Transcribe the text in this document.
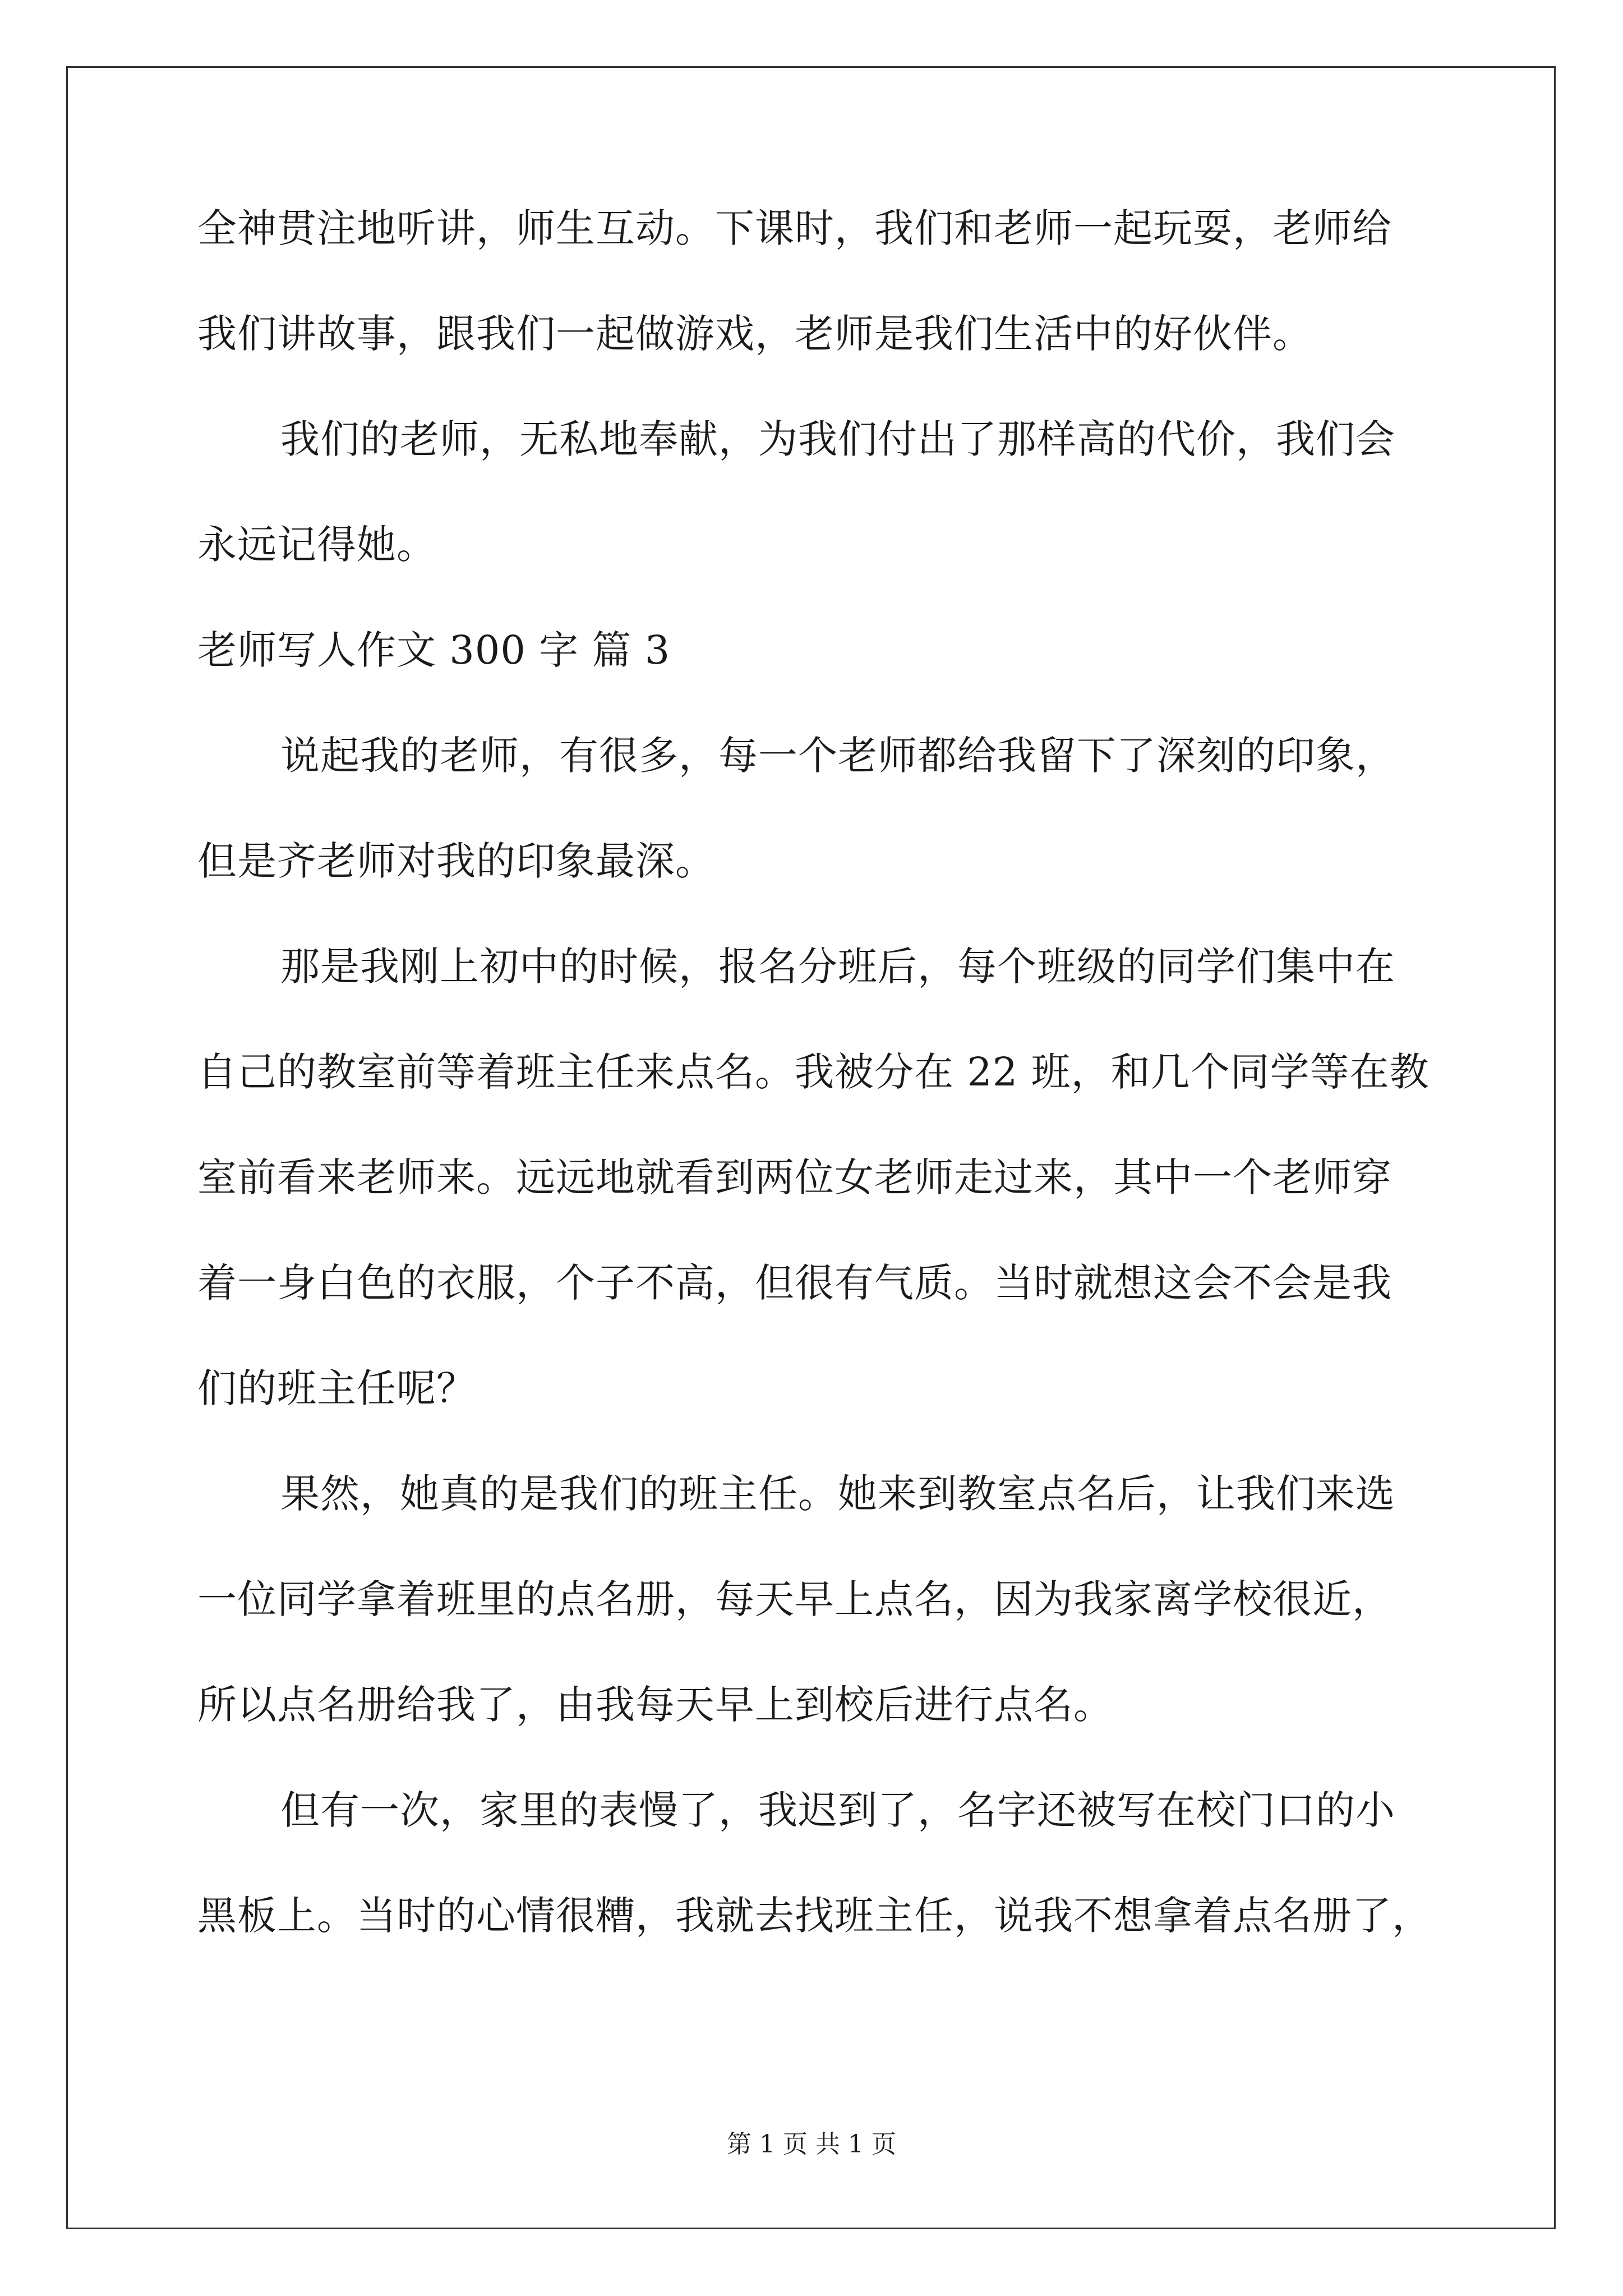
全神贯注地听讲，师生互动。下课时，我们和老师一起玩耍，老师给
我们讲故事，跟我们一起做游戏，老师是我们生活中的好伙伴。
我们的老师，无私地奉献，为我们付出了那样高的代价，我们会
永远记得她。
老师写人作文 300 字 篇 3
说起我的老师，有很多，每一个老师都给我留下了深刻的印象，
但是齐老师对我的印象最深。
那是我刚上初中的时候，报名分班后，每个班级的同学们集中在
自己的教室前等着班主任来点名。我被分在 22 班，和几个同学等在教
室前看来老师来。远远地就看到两位女老师走过来，其中一个老师穿
着一身白色的衣服，个子不高，但很有气质。当时就想这会不会是我
们的班主任呢？
果然，她真的是我们的班主任。她来到教室点名后，让我们来选
一位同学拿着班里的点名册，每天早上点名，因为我家离学校很近，
所以点名册给我了，由我每天早上到校后进行点名。
但有一次，家里的表慢了，我迟到了，名字还被写在校门口的小
黑板上。当时的心情很糟，我就去找班主任，说我不想拿着点名册了，
第 1 页 共 1 页
